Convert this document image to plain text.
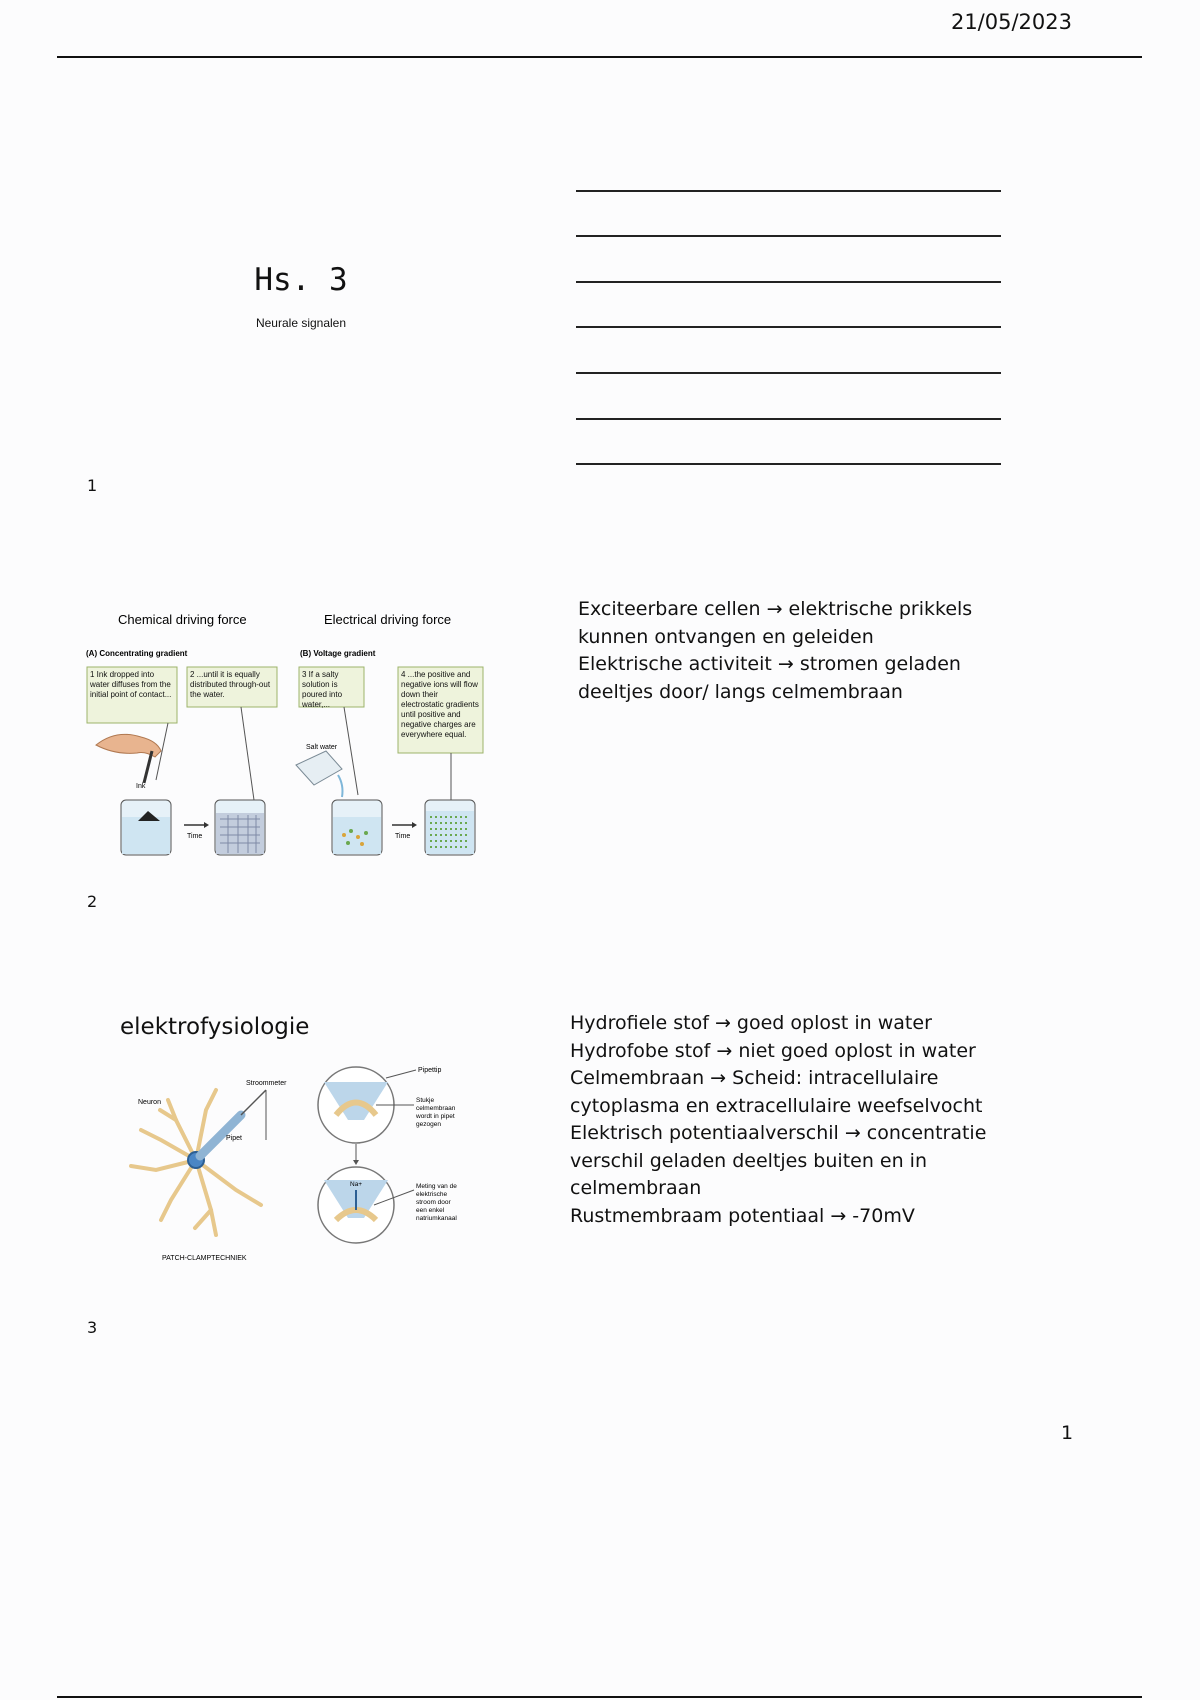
21/05/2023
Hs. 3
Neurale signalen
1
Chemical driving force	Electrical driving force
(A) Concentrating gradient	(B) Voltage gradient
Ink
Salt water
Time	Time
1 Ink dropped into water diffuses from the initial point of contact...
2 ...until it is equally distributed through-out the water.
3 If a salty solution is poured into water,...
4 ...the positive and negative ions will flow down their electrostatic gradients until positive and negative charges are everywhere equal.
2
Exciteerbare cellen → elektrische prikkels
kunnen ontvangen en geleiden
Elektrische activiteit → stromen geladen
deeltjes door/ langs celmembraan
elektrofysiologie
Stroommeter
Neuron
Pipet
Pipettip
Stukje
celmembraan
wordt in pipet
gezogen
Na+	Meting van de
elektrische
stroom door
een enkel
natriumkanaal
PATCH-CLAMPTECHNIEK
3
Hydrofiele stof → goed oplost in water
Hydrofobe stof → niet goed oplost in water
Celmembraan → Scheid: intracellulaire
cytoplasma en extracellulaire weefselvocht
Elektrisch potentiaalverschil → concentratie
verschil geladen deeltjes buiten en in
celmembraan
Rustmembraam potentiaal → -70mV
1
